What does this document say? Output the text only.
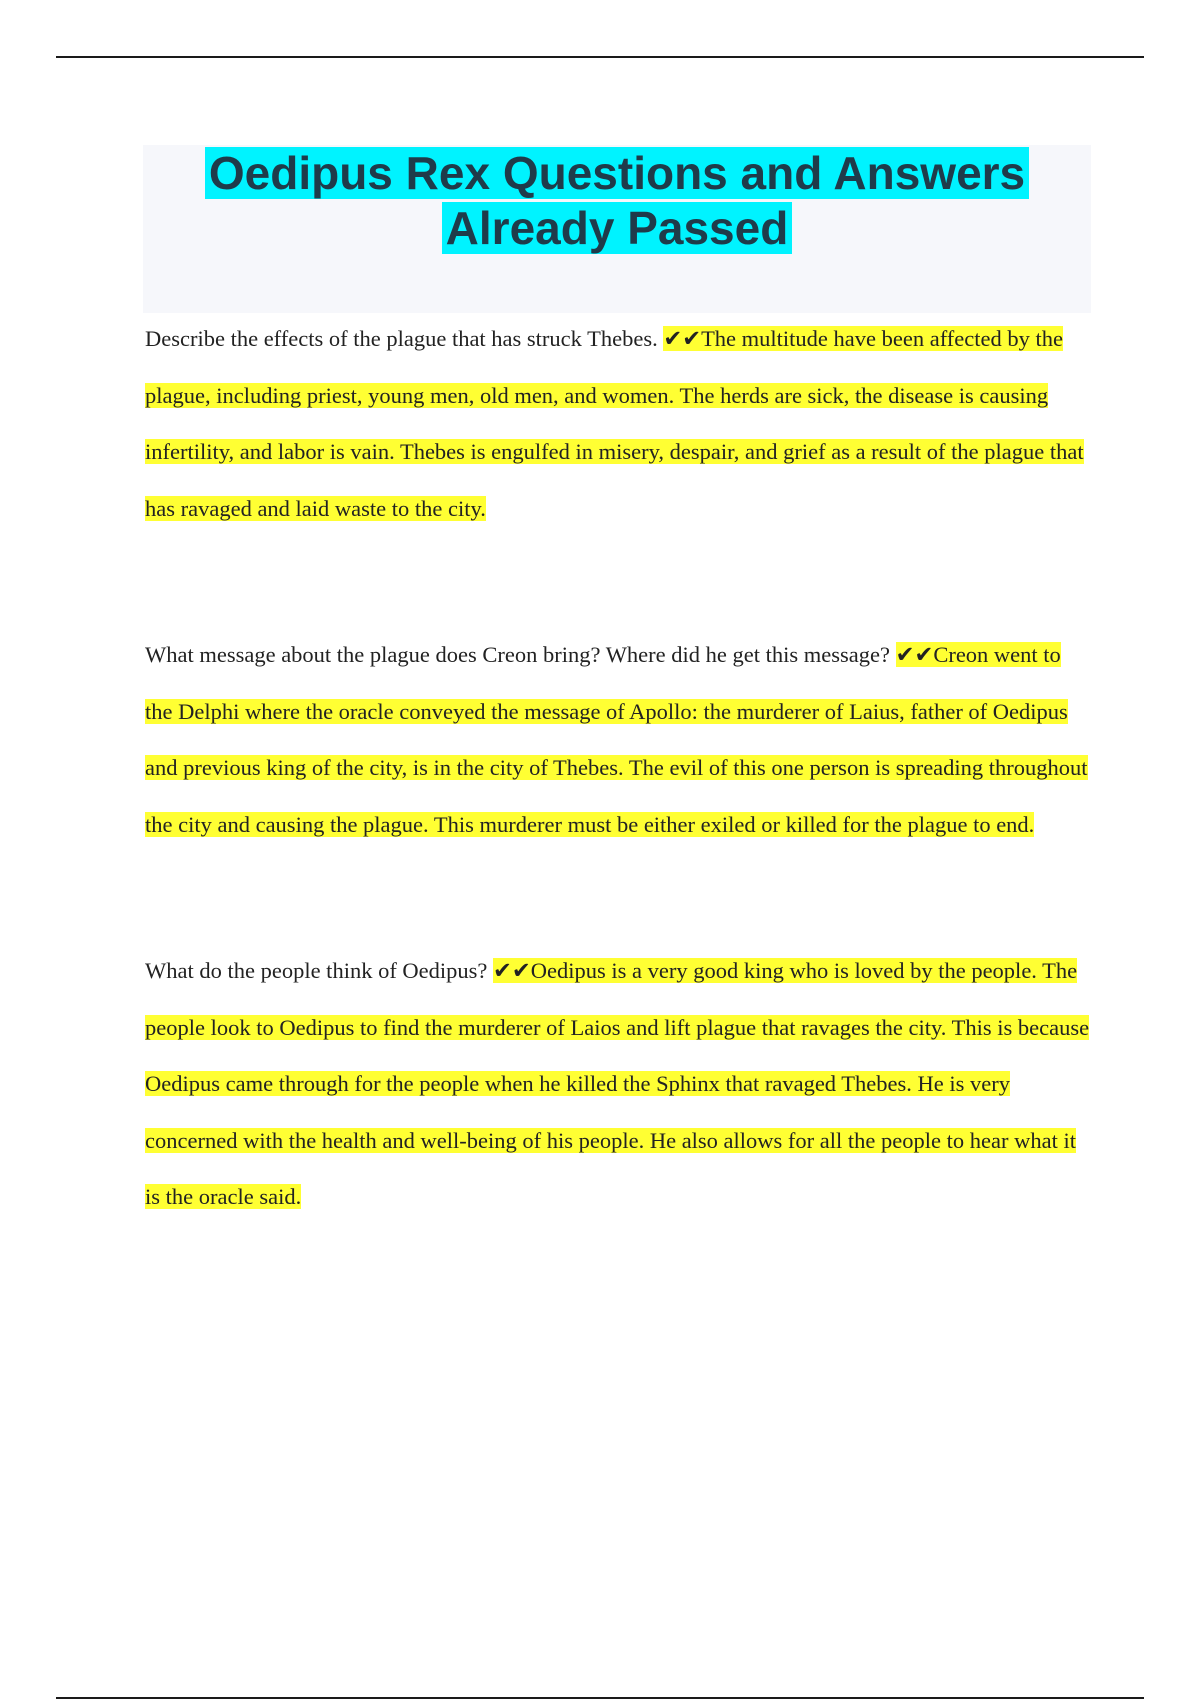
Oedipus Rex Questions and Answers
Already Passed

Describe the effects of the plague that has struck Thebes. ✔✔The multitude have been affected by the plague, including priest, young men, old men, and women. The herds are sick, the disease is causing infertility, and labor is vain. Thebes is engulfed in misery, despair, and grief as a result of the plague that has ravaged and laid waste to the city.

What message about the plague does Creon bring? Where did he get this message? ✔✔Creon went to the Delphi where the oracle conveyed the message of Apollo: the murderer of Laius, father of Oedipus and previous king of the city, is in the city of Thebes. The evil of this one person is spreading throughout the city and causing the plague. This murderer must be either exiled or killed for the plague to end.

What do the people think of Oedipus? ✔✔Oedipus is a very good king who is loved by the people. The people look to Oedipus to find the murderer of Laios and lift plague that ravages the city. This is because Oedipus came through for the people when he killed the Sphinx that ravaged Thebes. He is very concerned with the health and well-being of his people. He also allows for all the people to hear what it is the oracle said.
